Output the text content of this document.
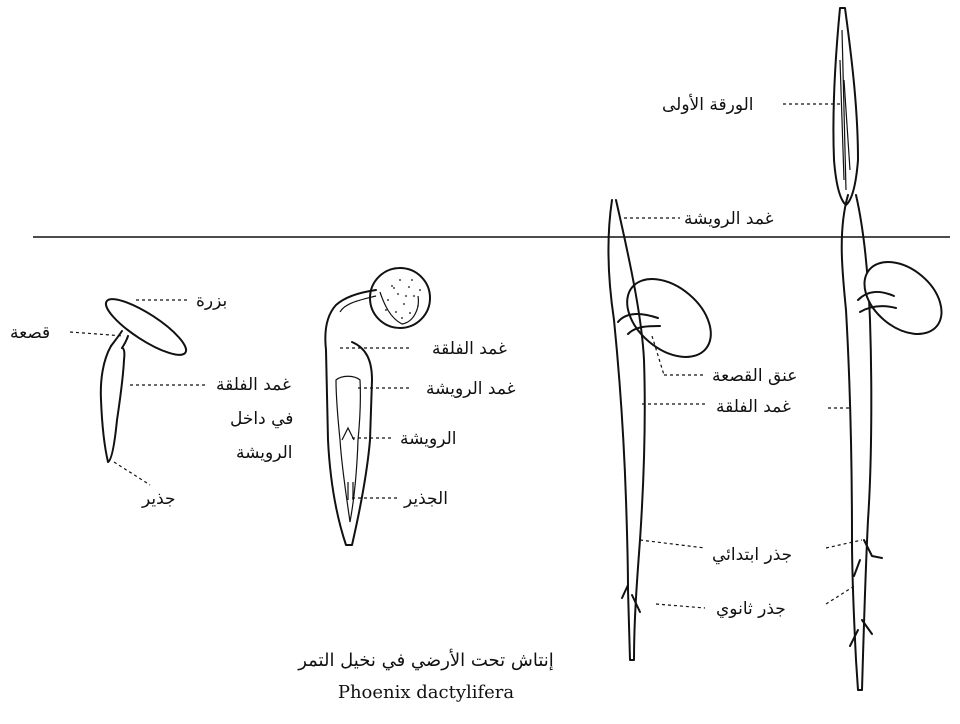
بزرة
قصعة
غمد الفلقة
في داخل
الرويشة
جذير
غمد الفلقة
غمد الرويشة
الرويشة
الجذير
الورقة الأولى
غمد الرويشة
عنق القصعة
غمد الفلقة
جذر ابتدائي
جذر ثانوي
إنتاش تحت الأرضي في نخيل التمر
Phoenix dactylifera
